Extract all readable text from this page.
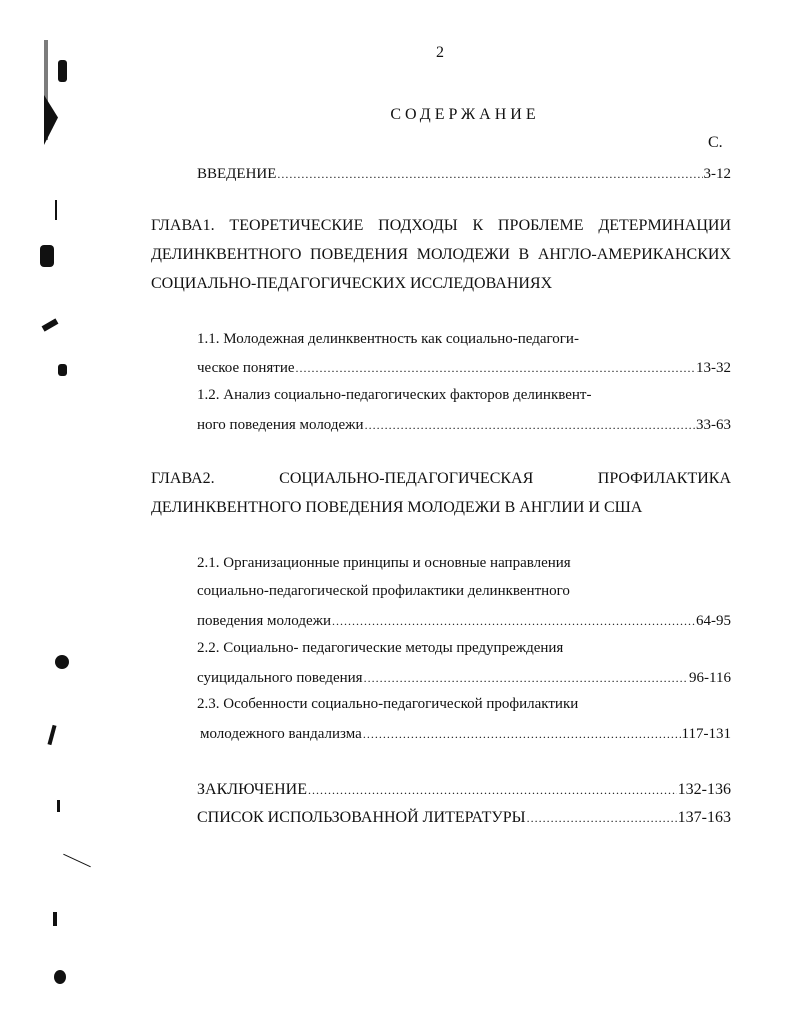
2
СОДЕРЖАНИЕ
С.
ВВЕДЕНИЕ .....	3-12
ГЛАВА1. ТЕОРЕТИЧЕСКИЕ ПОДХОДЫ К ПРОБЛЕМЕ ДЕТЕРМИНАЦИИ
ДЕЛИНКВЕНТНОГО ПОВЕДЕНИЯ МОЛОДЕЖИ В АНГЛО-АМЕРИКАНСКИХ
СОЦИАЛЬНО-ПЕДАГОГИЧЕСКИХ ИССЛЕДОВАНИЯХ
1.1. Молодежная делинквентность как социально-педагоги-
ческое понятие .....	13-32
1.2. Анализ социально-педагогических факторов делинквент-
ного поведения молодежи .....	33-63
ГЛАВА2.	СОЦИАЛЬНО-ПЕДАГОГИЧЕСКАЯ	ПРОФИЛАКТИКА
ДЕЛИНКВЕНТНОГО ПОВЕДЕНИЯ МОЛОДЕЖИ В АНГЛИИ И США
2.1. Организационные принципы и основные направления
социально-педагогической профилактики делинквентного
поведения молодежи .....	64-95
2.2. Социально- педагогические методы предупреждения
суицидального поведения .....	96-116
2.3. Особенности социально-педагогической профилактики
молодежного вандализма .....	117-131
ЗАКЛЮЧЕНИЕ .....	132-136
СПИСОК ИСПОЛЬЗОВАННОЙ ЛИТЕРАТУРЫ .....	137-163
